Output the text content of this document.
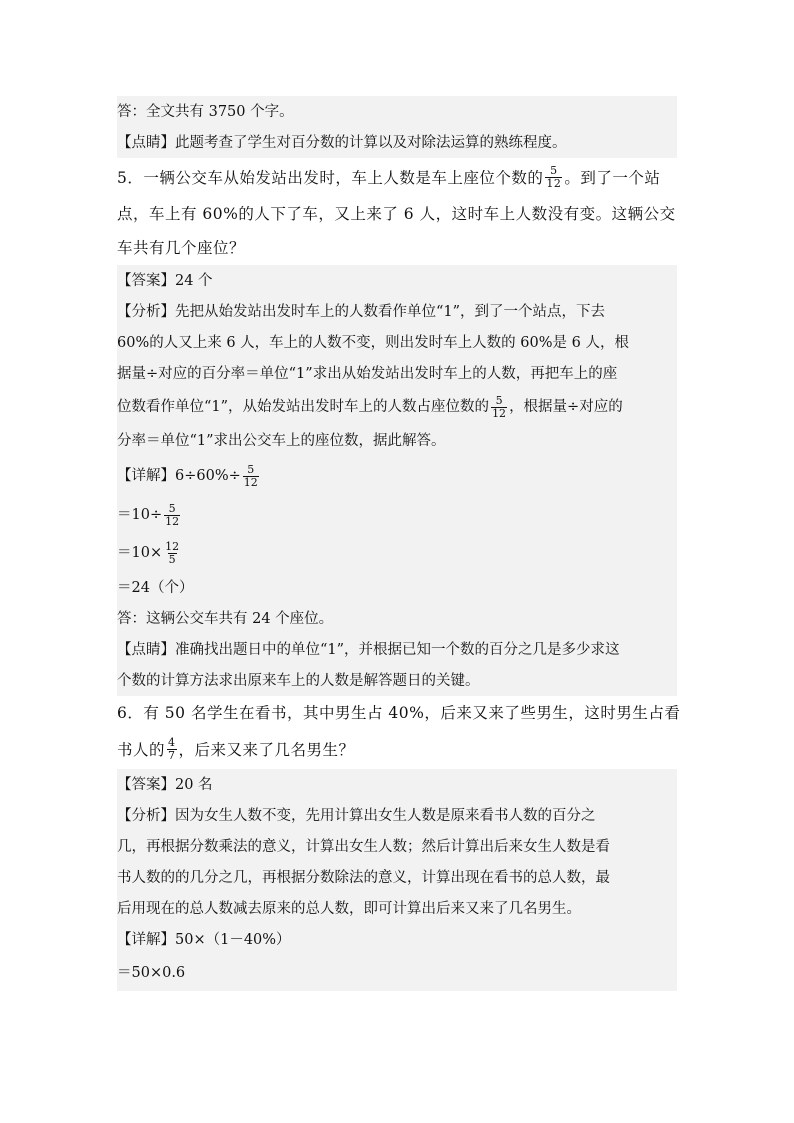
答：全文共有 3750 个字。
【点睛】此题考查了学生对百分数的计算以及对除法运算的熟练程度。
5．一辆公交车从始发站出发时，车上人数是车上座位个数的 $\frac{5}{12}$ 。到了一个站
点，车上有 60%的人下了车，又上来了 6 人，这时车上人数没有变。这辆公交
车共有几个座位？
【答案】 24 个
【分析】 先把从始发站出发时车上的人数看作单位“1”，到了一个站点，下去
60%的人又上来 6 人，车上的人数不变，则出发时车上人数的 60%是 6 人，根
据量÷对应的百分率＝单位“1”求出从始发站出发时车上的人数，再把车上的座
位数看作单位“1”，从始发站出发时车上的人数占座位数的 $\frac{5}{12}$ ，根据量÷对应的
分率＝单位“1”求出公交车上的座位数，据此解答。
【详解】 $6\div 60\%\div \frac{5}{12}$
$=10\div \frac{5}{12}$
$=10\times \frac{12}{5}$
＝24（个）
答：这辆公交车共有 24 个座位。
【点睛】准确找出题日中的单位“1”，并根据已知一个数的百分之几是多少求这
个数的计算方法求出原来车上的人数是解答题日的关键。
6．有 50 名学生在看书，其中男生占 40%，后来又来了些男生，这时男生占看
书人的 $\frac{4}{7}$ ，后来又来了几名男生？
【答案】 20 名
【分析】 因为女生人数不变，先用计算出女生人数是原来看书人数的百分之
几，再根据分数乘法的意义，计算出女生人数；然后计算出后来女生人数是看
书人数的的几分之几，再根据分数除法的意义，计算出现在看书的总人数，最
后用现在的总人数减去原来的总人数，即可计算出后来又来了几名男生。
【详解】 50×（1－40%）
＝50×0.6
